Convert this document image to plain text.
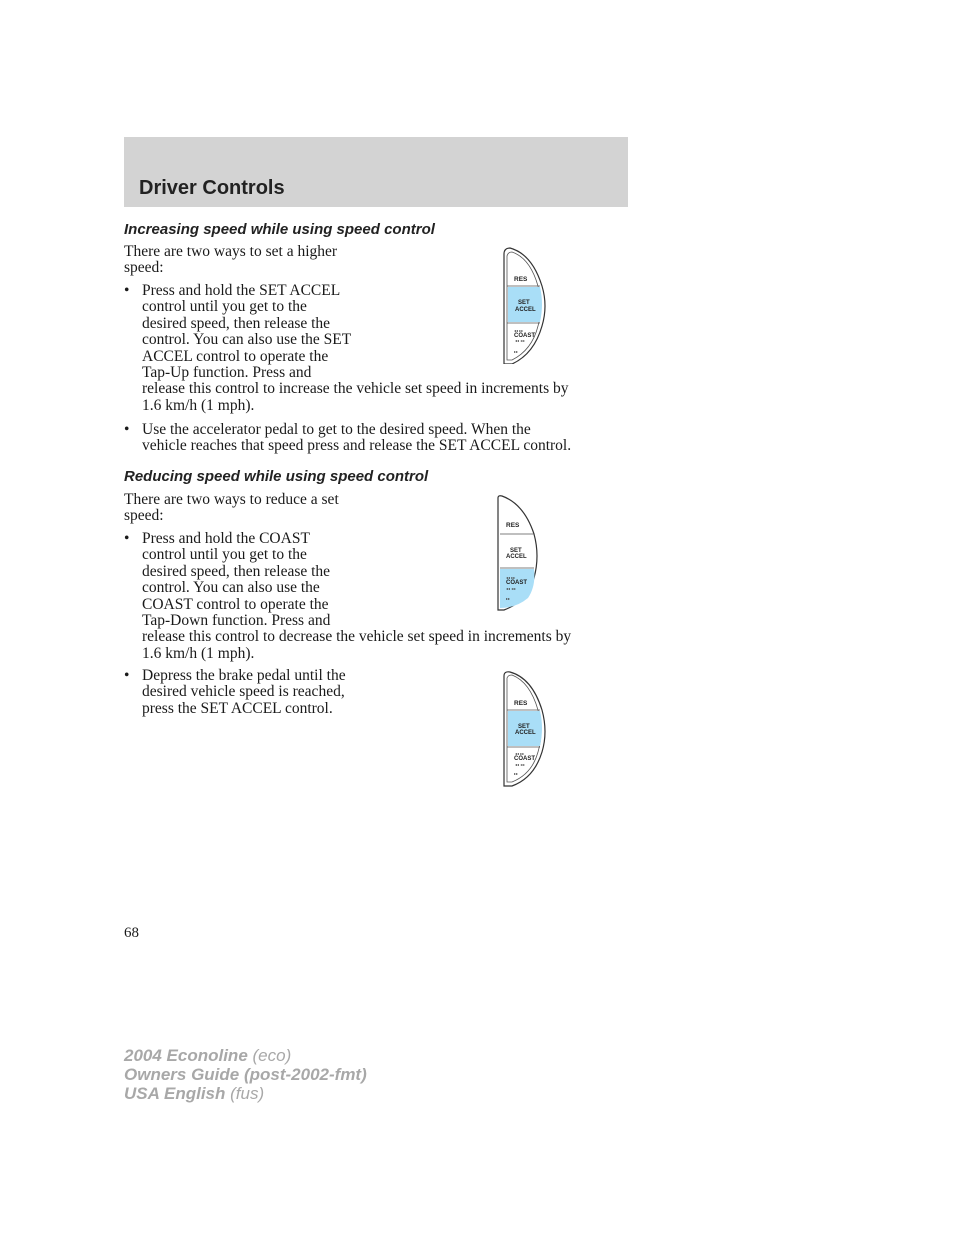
Driver Controls
Increasing speed while using speed control
There are two ways to set a higher
speed:
• Press and hold the SET ACCEL
control until you get to the
desired speed, then release the
control. You can also use the SET
ACCEL control to operate the
Tap-Up function. Press and
release this control to increase the vehicle set speed in increments by
1.6 km/h (1 mph).
• Use the accelerator pedal to get to the desired speed. When the
vehicle reaches that speed press and release the SET ACCEL control.
RES
SET
ACCEL
COAST
◂◂ ◂◂
▸▸
◂◂ ▸▸
Reducing speed while using speed control
There are two ways to reduce a set
speed:
• Press and hold the COAST
control until you get to the
desired speed, then release the
control. You can also use the
COAST control to operate the
Tap-Down function. Press and
release this control to decrease the vehicle set speed in increments by
1.6 km/h (1 mph).
• Depress the brake pedal until the
desired vehicle speed is reached,
press the SET ACCEL control.
RES
SET
ACCEL
COAST
◂◂ ▸▸
◂◂ ◂◂
▸▸
RES
SET
ACCEL
COAST
◂◂ ▸▸
◂◂ ◂◂
▸▸
68
2004 Econoline (eco)
Owners Guide (post-2002-fmt)
USA English (fus)
